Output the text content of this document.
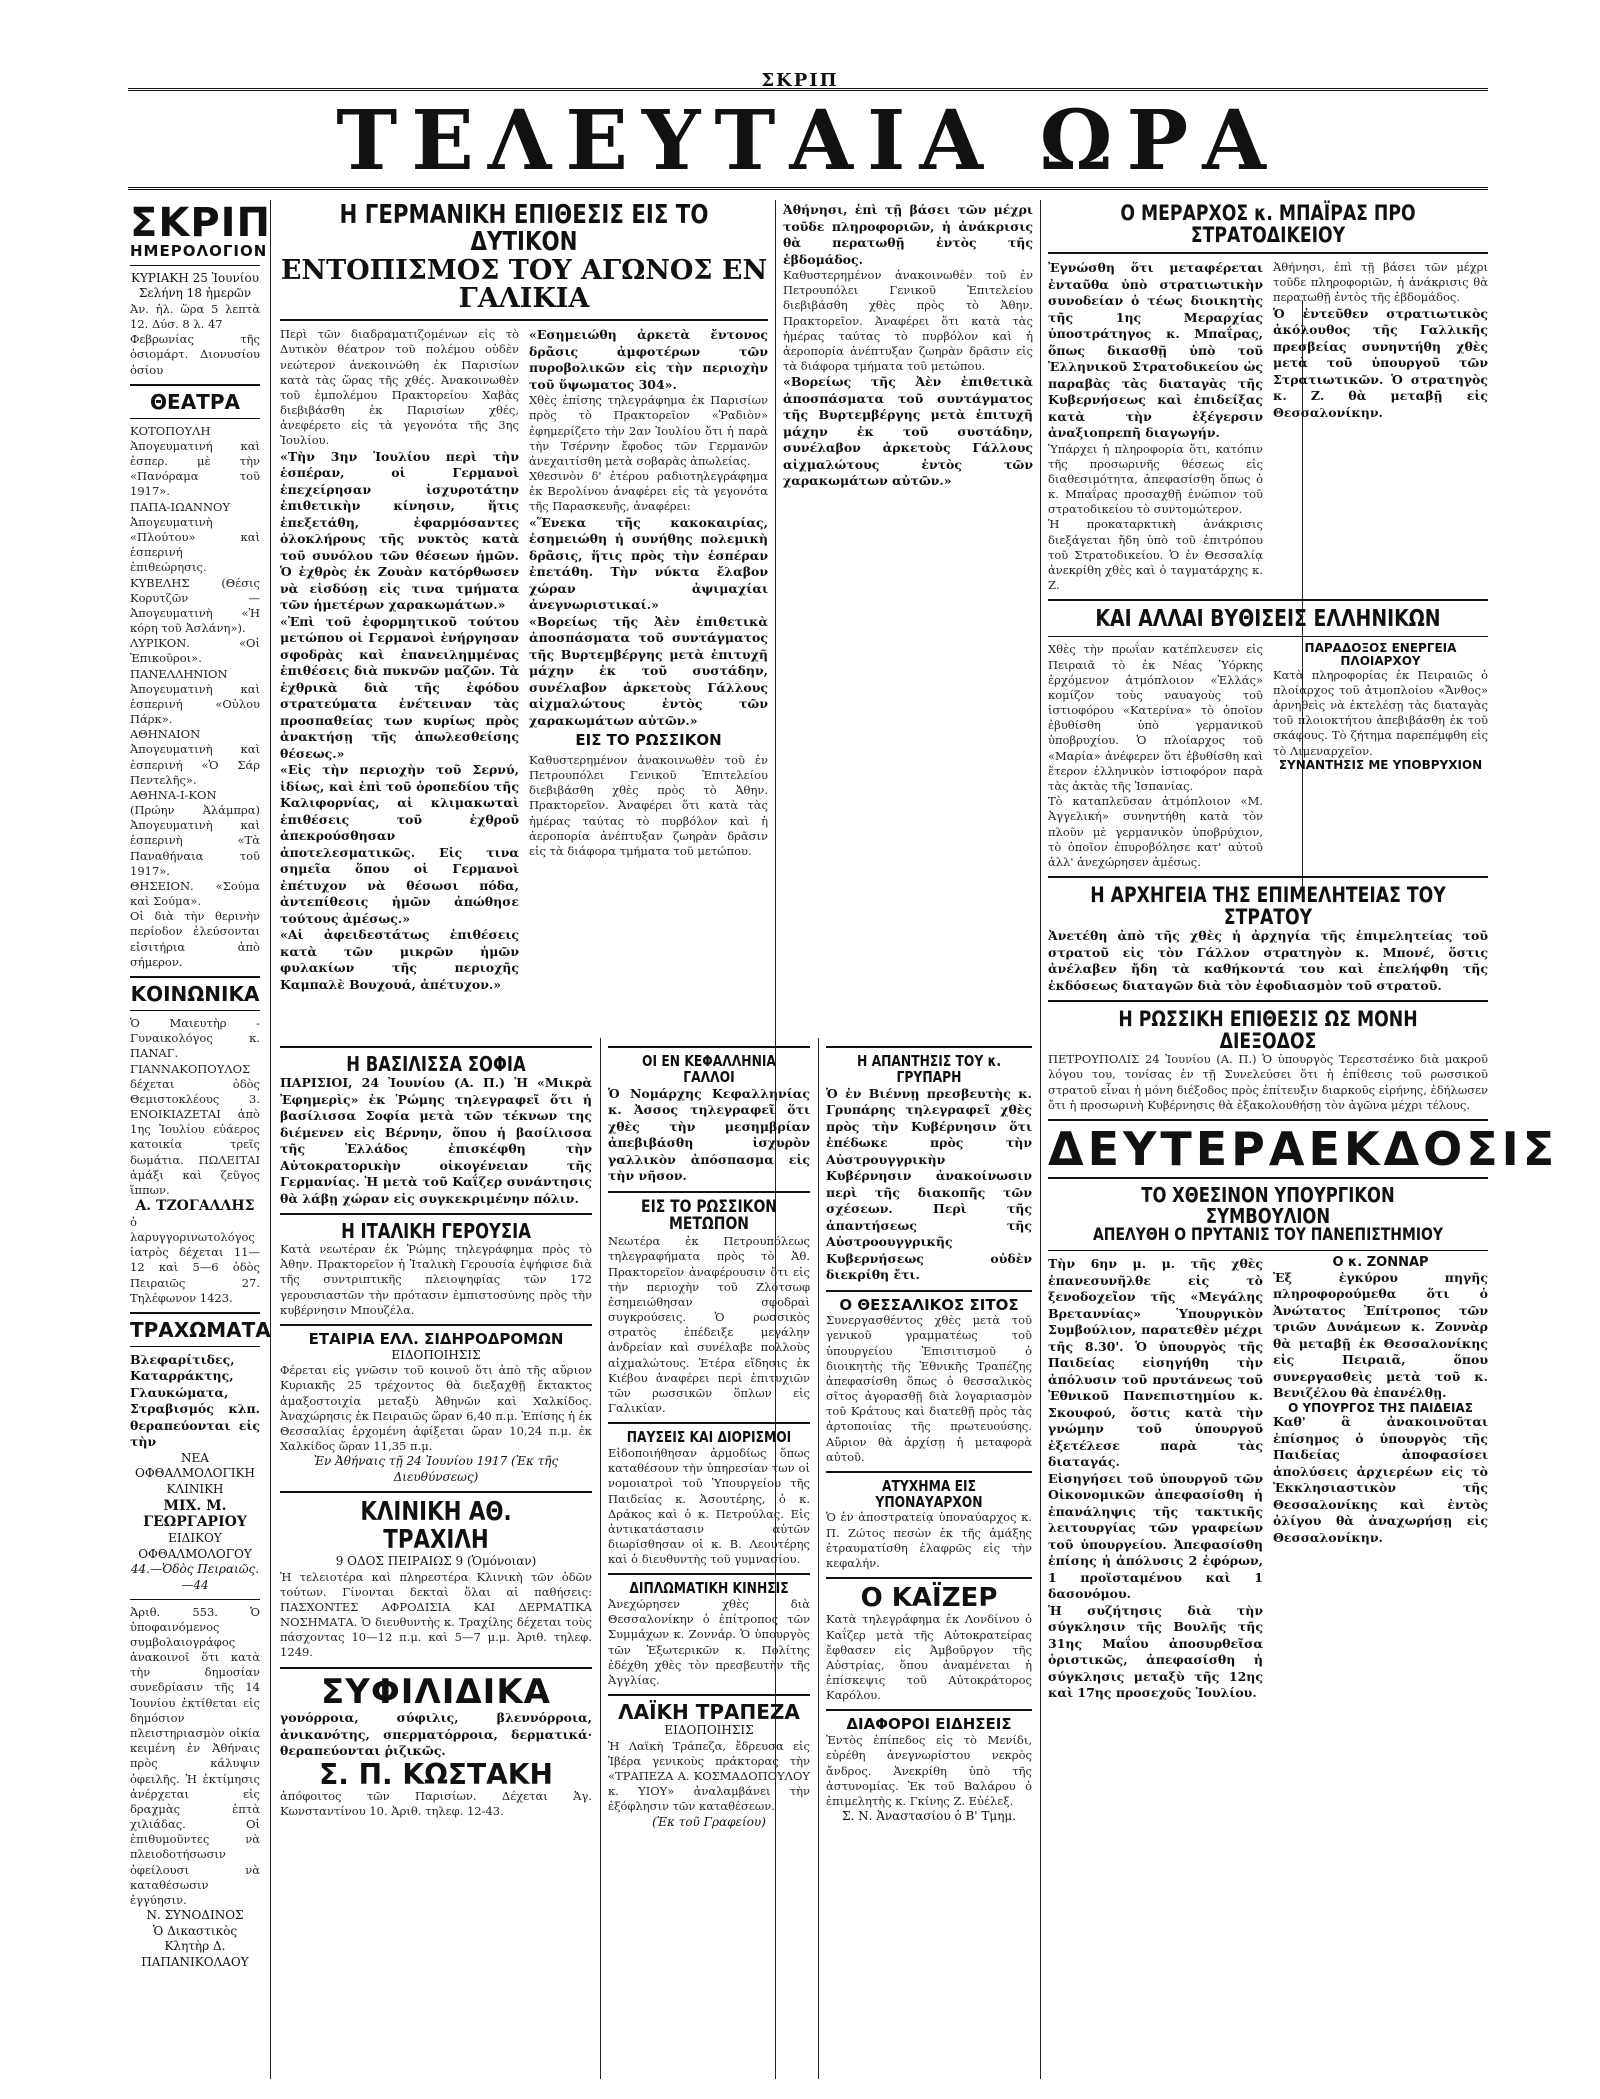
ΣΚΡΙΠ
ΤΕΛΕΥΤΑΙΑ ΩΡΑ
ΣΚΡΙΠ
ΗΜΕΡΟΛΟΓΙΟΝ
ΚΥΡΙΑΚΗ 25 Ἰουνίου
Σελήνη 18 ἡμερῶν
Ἀν. ἡλ. ὥρα 5 λεπτὰ 12. Δύσ. 8 λ. 47
Φεβρωνίας τῆς ὁσιομάρτ. Διονυσίου ὁσίου
ΘΕΑΤΡΑ
ΚΟΤΟΠΟΥΛΗ Ἀπογευματινή καὶ ἑσπερ. μὲ τὴν «Πανόραμα τοῦ 1917».
ΠΑΠΑ-ΙΩΑΝΝΟΥ Ἀπογευματινὴ «Πλούτου» καὶ ἑσπερινή ἐπιθεώρησις.
ΚΥΒΕΛΗΣ (Θέσις Κορυτζῶν — Ἀπογευματινὴ «Ἡ κόρη τοῦ Ἀσλάνη»).
ΛΥΡΙΚΟΝ. «Οἱ Ἐπικοῦροι».
ΠΑΝΕΛΛΗΝΙΟΝ Ἀπογευματινὴ καὶ ἑσπερινή «Οὐλου Πάρκ».
ΑΘΗΝΑΙΟΝ Ἀπογευματινὴ καὶ ἑσπερινή «Ὁ Σάρ Πεντελῆς».
ΑΘΗΝΑ-Ι-ΚΟΝ (Πρώην Ἀλάμπρα) Ἀπογευματινὴ καὶ ἑσπερινὴ «Τὰ Παναθήναια τοῦ 1917».
ΘΗΣΕΙΟΝ. «Σούμα καὶ Σούμα».
Οἱ διὰ τὴν θερινὴν περίοδον ἐλεύσονται εἰσιτήρια ἀπὸ σήμερον.
ΚΟΙΝΩΝΙΚΑ
Ὁ Μαιευτὴρ - Γυναικολόγος κ. ΠΑΝΑΓ. ΓΙΑΝΝΑΚΟΠΟΥΛΟΣ δέχεται ὁδὸς Θεμιστοκλέους 3. ΕΝΟΙΚΙΑΖΕΤΑΙ ἀπὸ 1ης Ἰουλίου εὐάερος κατοικία τρεῖς δωμάτια. ΠΩΛΕΙΤΑΙ ἀμάξι καὶ ζεῦγος ἵππων.
Α. ΤΖΟΓΑΛΛΗΣ
ὁ λαρυγγορινωτολόγος ἰατρὸς δέχεται 11—12 καὶ 5—6 ὁδὸς Πειραιῶς 27. Τηλέφωνον 1423.
ΤΡΑΧΩΜΑΤΑ
Βλεφαρίτιδες, Καταρράκτης, Γλαυκώματα, Στραβισμός κλπ. θεραπεύονται εἰς τὴν
ΝΕΑ ΟΦΘΑΛΜΟΛΟΓΙΚΗ ΚΛΙΝΙΚΗ
ΜΙΧ. Μ. ΓΕΩΡΓΑΡΙΟΥ
ΕΙΔΙΚΟΥ ΟΦΘΑΛΜΟΛΟΓΟΥ
44.—Ὁδὸς Πειραιῶς.—44
Ἀριθ. 553. Ὁ ὑποφαινόμενος συμβολαιογράφος ἀνακοινοῖ ὅτι κατὰ τὴν δημοσίαν συνεδρίασιν τῆς 14 Ἰουνίου ἐκτίθεται εἰς δημόσιον πλειστηριασμὸν οἰκία κειμένη ἐν Ἀθήναις πρὸς κάλυψιν ὀφειλῆς. Ἡ ἐκτίμησις ἀνέρχεται εἰς δραχμὰς ἑπτὰ χιλιάδας. Οἱ ἐπιθυμοῦντες νὰ πλειοδοτήσωσιν ὀφείλουσι νὰ καταθέσωσιν ἐγγύησιν.
Ν. ΣΥΝΟΔΙΝΟΣ
Ὁ Δικαστικὸς Κλητὴρ Δ. ΠΑΠΑΝΙΚΟΛΑΟΥ
Η ΓΕΡΜΑΝΙΚΗ ΕΠΙΘΕΣΙΣ ΕΙΣ ΤΟ ΔΥΤΙΚΟΝ
ΕΝΤΟΠΙΣΜΟΣ ΤΟΥ ΑΓΩΝΟΣ ΕΝ ΓΑΛΙΚΙΑ
Περὶ τῶν διαδραματιζομένων εἰς τὸ Δυτικὸν θέατρον τοῦ πολέμου οὐδὲν νεώτερον ἀνεκοινώθη ἐκ Παρισίων κατὰ τὰς ὥρας τῆς χθές. Ἀνακοινωθὲν τοῦ ἐμπολέμου Πρακτορείου Χαβὰς διεβιβάσθη ἐκ Παρισίων χθές, ἀνεφέρετο εἰς τὰ γεγονότα τῆς 3ης Ἰουλίου.
«Τὴν 3ην Ἰουλίου περὶ τὴν ἑσπέραν, οἱ Γερμανοὶ ἐπεχείρησαν ἰσχυροτάτην ἐπιθετικὴν κίνησιν, ἥτις ἐπεξετάθη, ἐφαρμόσαντες ὁλοκλήρους τῆς νυκτὸς κατὰ τοῦ συνόλου τῶν θέσεων ἡμῶν. Ὁ ἐχθρὸς ἐκ Ζουὰν κατόρθωσεν νὰ εἰσδύσῃ εἰς τινα τμήματα τῶν ἡμετέρων χαρακωμάτων.»
«Ἐπὶ τοῦ ἐφορμητικοῦ τούτου μετώπου οἱ Γερμανοὶ ἐνήργησαν σφοδρὰς καὶ ἐπανειλημμένας ἐπιθέσεις διὰ πυκνῶν μαζῶν. Τὰ ἐχθρικὰ διὰ τῆς ἐφόδου στρατεύματα ἐνέτειναν τὰς προσπαθείας των κυρίως πρὸς ἀνακτήσῃ τῆς ἀπωλεσθείσης θέσεως.»
«Εἰς τὴν περιοχὴν τοῦ Σερνύ, ἰδίως, καὶ ἐπὶ τοῦ ὀροπεδίου τῆς Καλιφορνίας, αἱ κλιμακωταὶ ἐπιθέσεις τοῦ ἐχθροῦ ἀπεκρούσθησαν ἀποτελεσματικῶς. Εἰς τινα σημεῖα ὅπου οἱ Γερμανοὶ ἐπέτυχον νὰ θέσωσι πόδα, ἀντεπίθεσις ἡμῶν ἀπώθησε τούτους ἀμέσως.»
«Αἱ ἀφειδεστάτως ἐπιθέσεις κατὰ τῶν μικρῶν ἡμῶν φυλακίων τῆς περιοχῆς Καμπαλὲ Βουχουά, ἀπέτυχον.»
«Εσημειώθη ἀρκετὰ ἔντονος δρᾶσις ἀμφοτέρων τῶν πυροβολικῶν εἰς τὴν περιοχὴν τοῦ ὕψωματος 304».
Χθὲς ἐπίσης τηλεγράφημα ἐκ Παρισίων πρὸς τὸ Πρακτορεῖον «Ῥαδιὸν» ἐφημερίζετο τὴν 2αν Ἰουλίου ὅτι ἡ παρὰ τὴν Τσέρνην ἔφοδος τῶν Γερμανῶν ἀνεχαιτίσθη μετὰ σοβαρὰς ἀπωλείας.
Χθεσινὸν δ' ἐτέρου ραδιοτηλεγράφημα ἐκ Βερολίνου ἀναφέρει εἰς τὰ γεγονότα τῆς Παρασκευῆς, ἀναφέρει:
«Ἕνεκα τῆς κακοκαιρίας, ἐσημειώθη ἡ συνήθης πολεμικὴ δρᾶσις, ἥτις πρὸς τὴν ἑσπέραν ἐπετάθη. Τὴν νύκτα ἔλαβον χώραν ἀψιμαχίαι ἀνεγνωριστικαί.»
«Βορείως τῆς Ἀὲν ἐπιθετικὰ ἀποσπάσματα τοῦ συντάγματος τῆς Βυρτεμβέργης μετὰ ἐπιτυχῆ μάχην ἐκ τοῦ συστάδην, συνέλαβον ἀρκετοὺς Γάλλους αἰχμαλώτους ἐντὸς τῶν χαρακωμάτων αὐτῶν.»
ΕΙΣ ΤΟ ΡΩΣΣΙΚΟΝ
Καθυστερημένον ἀνακοινωθὲν τοῦ ἐν Πετρουπόλει Γενικοῦ Ἐπιτελείου διεβιβάσθη χθὲς πρὸς τὸ Ἀθην. Πρακτορεῖον. Ἀναφέρει ὅτι κατὰ τὰς ἡμέρας ταύτας τὸ πυρβόλον καὶ ἡ ἀεροπορία ἀνέπτυξαν ζωηρὰν δρᾶσιν εἰς τὰ διάφορα τμήματα τοῦ μετώπου.
Η ΒΑΣΙΛΙΣΣΑ ΣΟΦΙΑ
ΠΑΡΙΣΙΟΙ, 24 Ἰουνίου (Α. Π.) Ἡ «Μικρὰ Ἐφημερὶς» ἐκ Ῥώμης τηλεγραφεῖ ὅτι ἡ βασίλισσα Σοφία μετὰ τῶν τέκνων της διέμενεν εἰς Βέρνην, ὅπου ἡ βασίλισσα τῆς Ἑλλάδος ἐπισκέφθη τὴν Αὐτοκρατορικὴν οἰκογένειαν τῆς Γερμανίας. Ἡ μετὰ τοῦ Καΐζερ συνάντησις θὰ λάβῃ χώραν εἰς συγκεκριμένην πόλιν.
Η ΙΤΑΛΙΚΗ ΓΕΡΟΥΣΙΑ
Κατὰ νεωτέραν ἐκ Ῥώμης τηλεγράφημα πρὸς τὸ Ἀθην. Πρακτορεῖον ἡ Ἰταλικὴ Γερουσία ἐψήφισε διὰ τῆς συντριπτικῆς πλειοψηφίας τῶν 172 γερουσιαστῶν τὴν πρότασιν ἐμπιστοσύνης πρὸς τὴν κυβέρνησιν Μπουζέλα.
ΕΤΑΙΡΙΑ ΕΛΛ. ΣΙΔΗΡΟΔΡΟΜΩΝ
ΕΙΔΟΠΟΙΗΣΙΣ
Φέρεται εἰς γνῶσιν τοῦ κοινοῦ ὅτι ἀπὸ τῆς αὔριον Κυριακῆς 25 τρέχοντος θὰ διεξαχθῇ ἔκτακτος ἁμαξοστοιχία μεταξὺ Ἀθηνῶν καὶ Χαλκίδος. Ἀναχώρησις ἐκ Πειραιῶς ὥραν 6,40 π.μ. Ἐπίσης ἡ ἐκ Θεσσαλίας ἐρχομένη ἀφίξεται ὥραν 10,24 π.μ. ἐκ Χαλκίδος ὥραν 11,35 π.μ.
Ἐν Ἀθήναις τῇ 24 Ἰουνίου 1917 (Ἐκ τῆς Διευθύνσεως)
ΚΛΙΝΙΚΗ ΑΘ. ΤΡΑΧΙΛΗ
9 ΟΔΟΣ ΠΕΙΡΑΙΩΣ 9 (Ὁμόνοιαν)
Ἡ τελειοτέρα καὶ πληρεστέρα Κλινικὴ τῶν ὁδῶν τούτων. Γίνονται δεκταὶ ὅλαι αἱ παθήσεις: ΠΑΣΧΟΝΤΕΣ ΑΦΡΟΔΙΣΙΑ ΚΑΙ ΔΕΡΜΑΤΙΚΑ ΝΟΣΗΜΑΤΑ. Ὁ διευθυντὴς κ. Τραχίλης δέχεται τοὺς πάσχοντας 10—12 π.μ. καὶ 5—7 μ.μ. Ἀριθ. τηλεφ. 1249.
ΣΥΦΙΛΙΔΙΚΑ
γονόρροια, σύφιλις, βλεννόρροια, ἀνικανότης, σπερματόρροια, δερματικά· θεραπεύονται ῥιζικῶς.
Σ. Π. ΚΩΣΤΑΚΗ
ἀπόφοιτος τῶν Παρισίων. Δέχεται Ἀγ. Κωνσταντίνου 10. Ἀριθ. τηλεφ. 12-43.
ΟΙ ΕΝ ΚΕΦΑΛΛΗΝΙΑ ΓΑΛΛΟΙ
Ὁ Νομάρχης Κεφαλληνίας κ. Ἀσσος τηλεγραφεῖ ὅτι χθὲς τὴν μεσημβρίαν ἀπεβιβάσθη ἰσχυρὸν γαλλικὸν ἀπόσπασμα εἰς τὴν νῆσον.
ΕΙΣ ΤΟ ΡΩΣΣΙΚΟΝ ΜΕΤΩΠΟΝ
Νεωτέρα ἐκ Πετρουπόλεως τηλεγραφήματα πρὸς τὸ Ἀθ. Πρακτορεῖον ἀναφέρουσιν ὅτι εἰς τὴν περιοχὴν τοῦ Ζλότσωφ ἐσημειώθησαν σφοδραὶ συγκρούσεις. Ὁ ρωσσικὸς στρατὸς ἐπέδειξε μεγάλην ἀνδρείαν καὶ συνέλαβε πολλοὺς αἰχμαλώτους. Ἑτέρα εἴδησις ἐκ Κιέβου ἀναφέρει περὶ ἐπιτυχιῶν τῶν ρωσσικῶν ὅπλων εἰς Γαλικίαν.
ΠΑΥΣΕΙΣ ΚΑΙ ΔΙΟΡΙΣΜΟΙ
Εἰδοποιήθησαν ἀρμοδίως ὅπως καταθέσουν τὴν ὑπηρεσίαν των οἱ νομοιατροὶ τοῦ Ὑπουργείου τῆς Παιδείας κ. Ἀσουτέρης, ὁ κ. Δράκος καὶ ὁ κ. Πετρούλας. Εἰς ἀντικατάστασιν αὐτῶν διωρίσθησαν οἱ κ. Β. Λεουτέρης καὶ ὁ διευθυντὴς τοῦ γυμνασίου.
ΔΙΠΛΩΜΑΤΙΚΗ ΚΙΝΗΣΙΣ
Ἀνεχώρησεν χθὲς διὰ Θεσσαλονίκην ὁ ἐπίτροπος τῶν Συμμάχων κ. Ζοννάρ. Ὁ ὑπουργὸς τῶν Ἐξωτερικῶν κ. Πολίτης ἐδέχθη χθὲς τὸν πρεσβευτὴν τῆς Ἀγγλίας.
ΛΑΪΚΗ ΤΡΑΠΕΖΑ
ΕΙΔΟΠΟΙΗΣΙΣ
Ἡ Λαϊκὴ Τράπεζα, ἔδρευσα εἰς Ἰβέρα γενικοὺς πράκτορας τὴν «ΤΡΑΠΕΖΑ Α. ΚΟΣΜΑΔΟΠΟΥΛΟΥ κ. ΥΙΟΥ» ἀναλαμβάνει τὴν ἐξόφλησιν τῶν καταθέσεων.
(Ἐκ τοῦ Γραφείου)
Η ΑΠΑΝΤΗΣΙΣ ΤΟΥ κ. ΓΡΥΠΑΡΗ
Ὁ ἐν Βιέννῃ πρεσβευτὴς κ. Γρυπάρης τηλεγραφεῖ χθὲς πρὸς τὴν Κυβέρνησιν ὅτι ἐπέδωκε πρὸς τὴν Αὐστρουγγρικὴν Κυβέρνησιν ἀνακοίνωσιν περὶ τῆς διακοπῆς τῶν σχέσεων. Περὶ τῆς ἀπαντήσεως τῆς Αὐστροουγγρικῆς Κυβερνήσεως οὐδὲν διεκρίθη ἔτι.
Ο ΘΕΣΣΑΛΙΚΟΣ ΣΙΤΟΣ
Συνεργασθέντος χθὲς μετὰ τοῦ γενικοῦ γραμματέως τοῦ ὑπουργείου Ἐπισιτισμοῦ ὁ διοικητὴς τῆς Ἐθνικῆς Τραπέζης ἀπεφασίσθη ὅπως ὁ θεσσαλικὸς σῖτος ἀγορασθῇ διὰ λογαριασμὸν τοῦ Κράτους καὶ διατεθῇ πρὸς τὰς ἀρτοποιίας τῆς πρωτευούσης. Αὔριον θὰ ἀρχίσῃ ἡ μεταφορὰ αὐτοῦ.
ΑΤΥΧΗΜΑ ΕΙΣ ΥΠΟΝΑΥΑΡΧΟΝ
Ὁ ἐν ἀποστρατείᾳ ὑποναύαρχος κ. Π. Ζώτος πεσὼν ἐκ τῆς ἁμάξης ἐτραυματίσθη ἐλαφρῶς εἰς τὴν κεφαλήν.
Ο ΚΑΪΖΕΡ
Κατὰ τηλεγράφημα ἐκ Λονδίνου ὁ Καΐζερ μετὰ τῆς Αὐτοκρατείρας ἔφθασεν εἰς Ἀμβοῦργον τῆς Αὐστρίας, ὅπου ἀναμένεται ἡ ἐπίσκεψις τοῦ Αὐτοκράτορος Καρόλου.
ΔΙΑΦΟΡΟΙ ΕΙΔΗΣΕΙΣ
Ἐντὸς ἐπίπεδος εἰς τὸ Μενίδι, εὑρέθη ἀνεγνωρίστου νεκρὸς ἄνδρος. Ἀνεκρίθη ὑπὸ τῆς ἀστυνομίας. Ἐκ τοῦ Βαλάρου ὁ ἐπιμελητὴς κ. Γκίνης Ζ. Εὐέλεξ.
Σ. Ν. Ἀναστασίου ὁ Β' Τμημ.
Ἀθήνησι, ἐπὶ τῇ βάσει τῶν μέχρι τοῦδε πληροφοριῶν, ἡ ἀνάκρισις θὰ περατωθῇ ἐντὸς τῆς ἑβδομάδος.
Καθυστερημένον ἀνακοινωθὲν τοῦ ἐν Πετρουπόλει Γενικοῦ Ἐπιτελείου διεβιβάσθη χθὲς πρὸς τὸ Ἀθην. Πρακτορεῖον. Ἀναφέρει ὅτι κατὰ τὰς ἡμέρας ταύτας τὸ πυρβόλον καὶ ἡ ἀεροπορία ἀνέπτυξαν ζωηρὰν δρᾶσιν εἰς τὰ διάφορα τμήματα τοῦ μετώπου.
«Βορείως τῆς Ἀὲν ἐπιθετικὰ ἀποσπάσματα τοῦ συντάγματος τῆς Βυρτεμβέργης μετὰ ἐπιτυχῆ μάχην ἐκ τοῦ συστάδην, συνέλαβον ἀρκετοὺς Γάλλους αἰχμαλώτους ἐντὸς τῶν χαρακωμάτων αὐτῶν.»
Ο ΜΕΡΑΡΧΟΣ κ. ΜΠΑΪΡΑΣ ΠΡΟ ΣΤΡΑΤΟΔΙΚΕΙΟΥ
Ἐγνώσθη ὅτι μεταφέρεται ἐνταῦθα ὑπὸ στρατιωτικὴν συνοδείαν ὁ τέως διοικητὴς τῆς 1ης Μεραρχίας ὑποστράτηγος κ. Μπαΐρας, ὅπως δικασθῇ ὑπὸ τοῦ Ἑλληνικοῦ Στρατοδικείου ὡς παραβὰς τὰς διαταγὰς τῆς Κυβερνήσεως καὶ ἐπιδείξας κατὰ τὴν ἐξέγερσιν ἀναξιοπρεπῆ διαγωγήν.
Ὑπάρχει ἡ πληροφορία ὅτι, κατόπιν τῆς προσωρινῆς θέσεως εἰς διαθεσιμότητα, ἀπεφασίσθη ὅπως ὁ κ. Μπαΐρας προσαχθῇ ἐνώπιον τοῦ στρατοδικείου τὸ συντομώτερον.
Ἡ προκαταρκτικὴ ἀνάκρισις διεξάγεται ἤδη ὑπὸ τοῦ ἐπιτρόπου τοῦ Στρατοδικείου. Ὁ ἐν Θεσσαλίᾳ ἀνεκρίθη χθὲς καὶ ὁ ταγματάρχης κ. Ζ.
Ἀθήνησι, ἐπὶ τῇ βάσει τῶν μέχρι τοῦδε πληροφοριῶν, ἡ ἀνάκρισις θὰ περατωθῇ ἐντὸς τῆς ἑβδομάδος.
Ὁ ἐντεῦθεν στρατιωτικὸς ἀκόλουθος τῆς Γαλλικῆς πρεσβείας συνηντήθη χθὲς μετὰ τοῦ ὑπουργοῦ τῶν Στρατιωτικῶν. Ὁ στρατηγὸς κ. Ζ. θὰ μεταβῇ εἰς Θεσσαλονίκην.
ΚΑΙ ΑΛΛΑΙ ΒΥΘΙΣΕΙΣ ΕΛΛΗΝΙΚΩΝ
Χθὲς τὴν πρωΐαν κατέπλευσεν εἰς Πειραιᾶ τὸ ἐκ Νέας Ὑόρκης ἐρχόμενον ἀτμόπλοιον «Ἑλλάς» κομίζον τοὺς ναυαγοὺς τοῦ ἱστιοφόρου «Κατερίνα» τὸ ὁποῖον ἐβυθίσθη ὑπὸ γερμανικοῦ ὑποβρυχίου. Ὁ πλοίαρχος τοῦ «Μαρία» ἀνέφερεν ὅτι ἐβυθίσθη καὶ ἕτερον ἑλληνικὸν ἱστιοφόρον παρὰ τὰς ἀκτὰς τῆς Ἱσπανίας.
Τὸ καταπλεῦσαν ἀτμόπλοιον «Μ. Ἀγγελική» συνηντήθη κατὰ τὸν πλοῦν μὲ γερμανικὸν ὑποβρύχιον, τὸ ὁποῖον ἐπυροβόλησε κατ' αὐτοῦ ἀλλ' ἀνεχώρησεν ἀμέσως.
ΠΑΡΑΔΟΞΟΣ ΕΝΕΡΓΕΙΑ ΠΛΟΙΑΡΧΟΥ
Κατὰ πληροφορίας ἐκ Πειραιῶς ὁ πλοίαρχος τοῦ ἀτμοπλοίου «Ἄνθος» ἀρνηθεὶς νὰ ἐκτελέσῃ τὰς διαταγὰς τοῦ πλοιοκτήτου ἀπεβιβάσθη ἐκ τοῦ σκάφους. Τὸ ζήτημα παρεπέμφθη εἰς τὸ Λιμεναρχεῖον.
ΣΥΝΑΝΤΗΣΙΣ ΜΕ ΥΠΟΒΡΥΧΙΟΝ
Η ΑΡΧΗΓΕΙΑ ΤΗΣ ΕΠΙΜΕΛΗΤΕΙΑΣ ΤΟΥ ΣΤΡΑΤΟΥ
Ἀνετέθη ἀπὸ τῆς χθὲς ἡ ἀρχηγία τῆς ἐπιμελητείας τοῦ στρατοῦ εἰς τὸν Γάλλον στρατηγὸν κ. Μπονέ, ὅστις ἀνέλαβεν ἤδη τὰ καθήκοντά του καὶ ἐπελήφθη τῆς ἐκδόσεως διαταγῶν διὰ τὸν ἐφοδιασμὸν τοῦ στρατοῦ.
Η ΡΩΣΣΙΚΗ ΕΠΙΘΕΣΙΣ ΩΣ ΜΟΝΗ ΔΙΕΞΟΔΟΣ
ΠΕΤΡΟΥΠΟΛΙΣ 24 Ἰουνίου (Α. Π.) Ὁ ὑπουργὸς Τερεστσένκο διὰ μακροῦ λόγου του, τονίσας ἐν τῇ Συνελεύσει ὅτι ἡ ἐπίθεσις τοῦ ρωσσικοῦ στρατοῦ εἶναι ἡ μόνη διέξοδος πρὸς ἐπίτευξιν διαρκοῦς εἰρήνης, ἐδήλωσεν ὅτι ἡ προσωρινὴ Κυβέρνησις θὰ ἐξακολουθήσῃ τὸν ἀγῶνα μέχρι τέλους.
ΔΕΥΤΕΡΑΕΚΔΟΣΙΣ
ΤΟ ΧΘΕΣΙΝΟΝ ΥΠΟΥΡΓΙΚΟΝ ΣΥΜΒΟΥΛΙΟΝ
ΑΠΕΛΥΘΗ Ο ΠΡΥΤΑΝΙΣ ΤΟΥ ΠΑΝΕΠΙΣΤΗΜΙΟΥ
Τὴν 6ην μ. μ. τῆς χθὲς ἐπανεσυνῆλθε εἰς τὸ ξενοδοχεῖον τῆς «Μεγάλης Βρεταννίας» Ὑπουργικὸν Συμβούλιον, παρατεθὲν μέχρι τῆς 8.30'. Ὁ ὑπουργὸς τῆς Παιδείας εἰσηγήθη τὴν ἀπόλυσιν τοῦ πρυτάνεως τοῦ Ἐθνικοῦ Πανεπιστημίου κ. Σκουφού, ὅστις κατὰ τὴν γνώμην τοῦ ὑπουργοῦ ἐξετέλεσε παρὰ τὰς διαταγάς.
Εἰσηγήσει τοῦ ὑπουργοῦ τῶν Οἰκονομικῶν ἀπεφασίσθη ἡ ἐπανάληψις τῆς τακτικῆς λειτουργίας τῶν γραφείων τοῦ ὑπουργείου. Ἀπεφασίσθη ἐπίσης ἡ ἀπόλυσις 2 ἐφόρων, 1 προϊσταμένου καὶ 1 δασονόμου.
Ἡ συζήτησις διὰ τὴν σύγκλησιν τῆς Βουλῆς τῆς 31ης Μαΐου ἀποσυρθεῖσα ὁριστικῶς, ἀπεφασίσθη ἡ σύγκλησις μεταξὺ τῆς 12ης καὶ 17ης προσεχοῦς Ἰουλίου.
Ο κ. ΖΟΝΝΑΡ
Ἐξ ἐγκύρου πηγῆς πληροφορούμεθα ὅτι ὁ Ἀνώτατος Ἐπίτροπος τῶν τριῶν Δυνάμεων κ. Ζοννὰρ θὰ μεταβῇ ἐκ Θεσσαλονίκης εἰς Πειραιᾶ, ὅπου συνεργασθεὶς μετὰ τοῦ κ. Βενιζέλου θὰ ἐπανέλθῃ.
Ο ΥΠΟΥΡΓΟΣ ΤΗΣ ΠΑΙΔΕΙΑΣ
Καθ' ἃ ἀνακοινοῦται ἐπίσημος ὁ ὑπουργὸς τῆς Παιδείας ἀποφασίσει ἀπολύσεις ἀρχιερέων εἰς τὸ Ἐκκλησιαστικὸν τῆς Θεσσαλονίκης καὶ ἐντὸς ὀλίγου θὰ ἀναχωρήσῃ εἰς Θεσσαλονίκην.
